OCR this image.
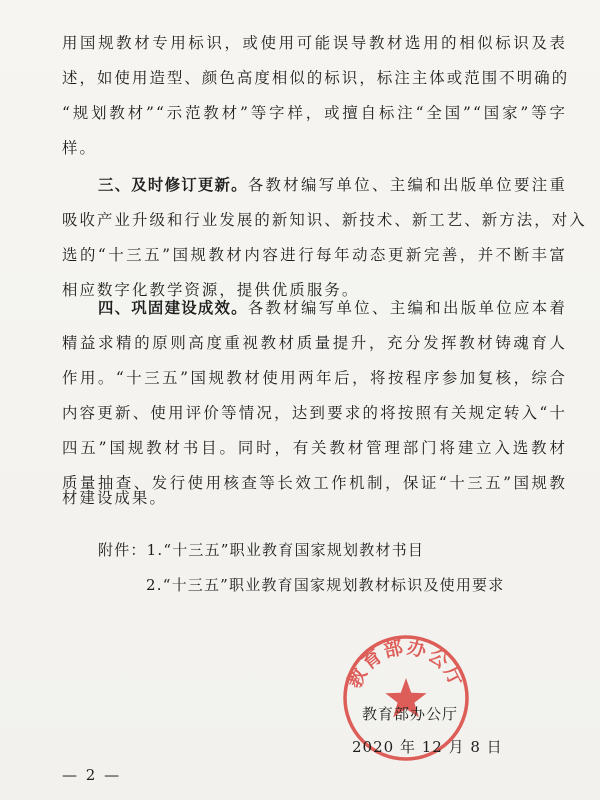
用国规教材专用标识，或使用可能误导教材选用的相似标识及表
述，如使用造型、颜色高度相似的标识，标注主体或范围不明确的
“规划教材”“示范教材”等字样，或擅自标注“全国”“国家”等字
样。
三、及时修订更新。各教材编写单位、主编和出版单位要注重
吸收产业升级和行业发展的新知识、新技术、新工艺、新方法，对入
选的“十三五”国规教材内容进行每年动态更新完善，并不断丰富
相应数字化教学资源，提供优质服务。
四、巩固建设成效。各教材编写单位、主编和出版单位应本着
精益求精的原则高度重视教材质量提升，充分发挥教材铸魂育人
作用。“十三五”国规教材使用两年后，将按程序参加复核，综合
内容更新、使用评价等情况，达到要求的将按照有关规定转入“十
四五”国规教材书目。同时，有关教材管理部门将建立入选教材
质量抽查、发行使用核查等长效工作机制，保证“十三五”国规教
材建设成果。
附件：1.“十三五”职业教育国家规划教材书目
2.“十三五”职业教育国家规划教材标识及使用要求
教育部办公厅
教育部办公厅
2020 年 12 月 8 日
— 2 —
